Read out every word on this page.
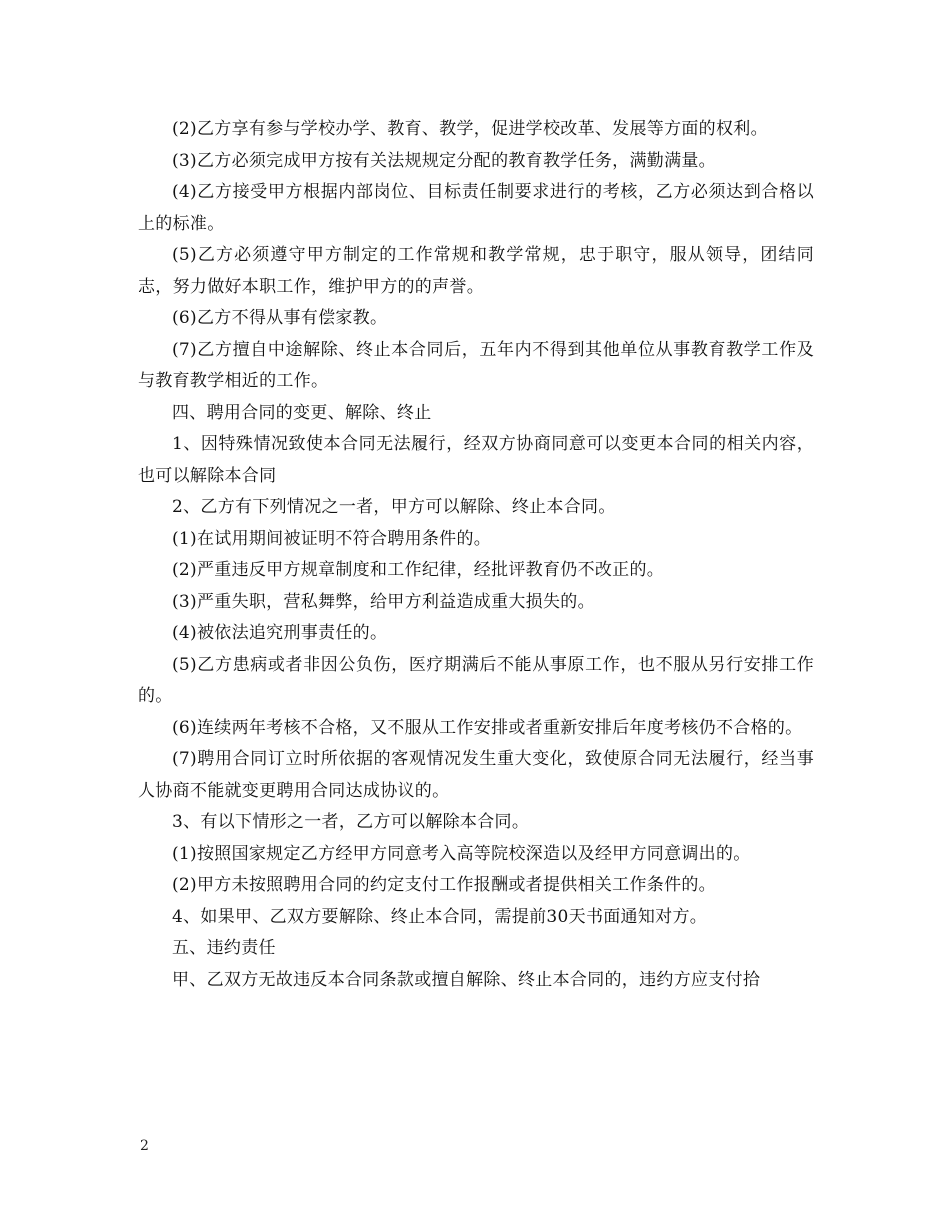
(2)乙方享有参与学校办学、教育、教学，促进学校改革、发展等方面的权利。

(3)乙方必须完成甲方按有关法规规定分配的教育教学任务，满勤满量。

(4)乙方接受甲方根据内部岗位、目标责任制要求进行的考核，乙方必须达到合格以上的标准。

(5)乙方必须遵守甲方制定的工作常规和教学常规，忠于职守，服从领导，团结同志，努力做好本职工作，维护甲方的的声誉。

(6)乙方不得从事有偿家教。

(7)乙方擅自中途解除、终止本合同后，五年内不得到其他单位从事教育教学工作及与教育教学相近的工作。

四、聘用合同的变更、解除、终止

1、因特殊情况致使本合同无法履行，经双方协商同意可以变更本合同的相关内容，也可以解除本合同

2、乙方有下列情况之一者，甲方可以解除、终止本合同。

(1)在试用期间被证明不符合聘用条件的。

(2)严重违反甲方规章制度和工作纪律，经批评教育仍不改正的。

(3)严重失职，营私舞弊，给甲方利益造成重大损失的。

(4)被依法追究刑事责任的。

(5)乙方患病或者非因公负伤，医疗期满后不能从事原工作，也不服从另行安排工作的。

(6)连续两年考核不合格，又不服从工作安排或者重新安排后年度考核仍不合格的。

(7)聘用合同订立时所依据的客观情况发生重大变化，致使原合同无法履行，经当事人协商不能就变更聘用合同达成协议的。

3、有以下情形之一者，乙方可以解除本合同。

(1)按照国家规定乙方经甲方同意考入高等院校深造以及经甲方同意调出的。

(2)甲方未按照聘用合同的约定支付工作报酬或者提供相关工作条件的。

4、如果甲、乙双方要解除、终止本合同，需提前30天书面通知对方。

五、违约责任

甲、乙双方无故违反本合同条款或擅自解除、终止本合同的，违约方应支付拾

2
